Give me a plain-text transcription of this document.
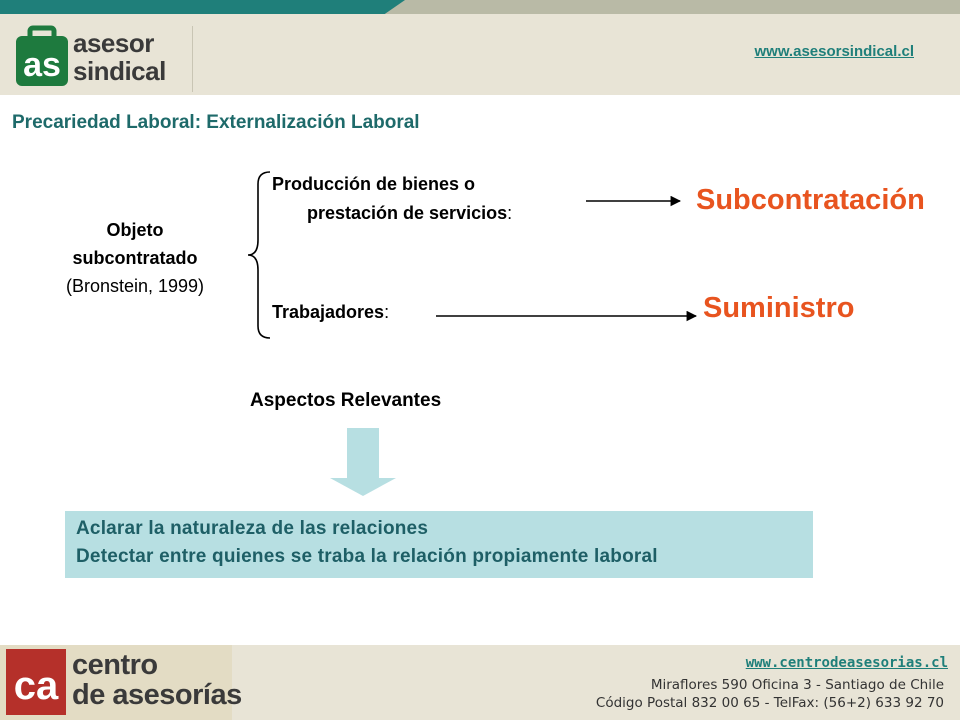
as
asesor
sindical
www.asesorsindical.cl
Precariedad Laboral: Externalización Laboral
Objeto
subcontratado
(Bronstein, 1999)
Producción de bienes o
prestación de servicios:
Trabajadores:
Subcontratación
Suministro
Aspectos Relevantes
Aclarar la naturaleza de las relaciones
Detectar entre quienes se traba la relación propiamente laboral
ca centro
de asesorías
www.centrodeasesorias.cl
Miraflores 590 Oficina 3 - Santiago de Chile
Código Postal 832 00 65 - TelFax: (56+2) 633 92 70
